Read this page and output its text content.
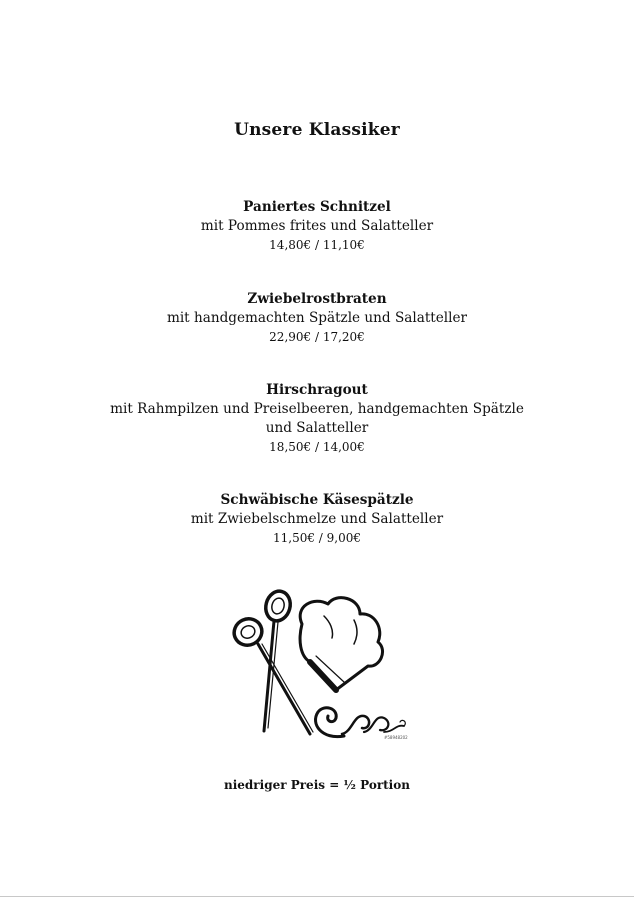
Unsere Klassiker
Paniertes Schnitzel
mit Pommes frites und Salatteller
14,80€ / 11,10€
Zwiebelrostbraten
mit handgemachten Spätzle und Salatteller
22,90€ / 17,20€
Hirschragout
mit Rahmpilzen und Preiselbeeren, handgemachten Spätzle und Salatteller
18,50€ / 14,00€
Schwäbische Käsespätzle
mit Zwiebelschmelze und Salatteller
11,50€ / 9,00€
#58948202
niedriger Preis = ½ Portion
